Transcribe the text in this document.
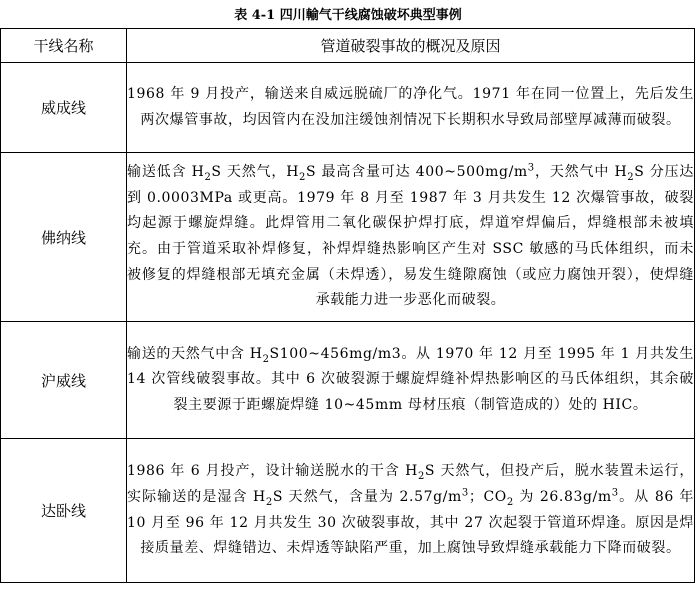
表 4-1 四川輸气干线腐蚀破坏典型事例
干线名称	管道破裂事故的概况及原因
威成线	1968 年 9 月投产，输送来自威远脱硫厂的净化气。1971 年在同一位置上，先后发生两次爆管事故，均因管内在没加注缓蚀剂情况下长期积水导致局部壁厚减薄而破裂。
佛纳线	输送低含 $H_2S$ 天然气，$H_2S$ 最高含量可达 $400\sim 500mg/m^3$，天然气中 $H_2S$ 分压达到 0.0003MPa 或更高。1979 年 8 月至 1987 年 3 月共发生 12 次爆管事故，破裂均起源于螺旋焊缝。此焊管用二氧化碳保护焊打底，焊道窄焊偏后，焊缝根部未被填充。由于管道采取补焊修复，补焊焊缝热影响区产生对 SSC 敏感的马氏体组织，而未被修复的焊缝根部无填充金属（未焊透），易发生缝隙腐蚀（或应力腐蚀开裂），使焊缝承载能力进一步恶化而破裂。
沪威线	输送的天然气中含 $H_2S100\sim 456mg/m3$。从 1970 年 12 月至 1995 年 1 月共发生 14 次管线破裂事故。其中 6 次破裂源于螺旋焊缝补焊热影响区的马氏体组织，其余破裂主要源于距螺旋焊缝 10~45mm 母材压痕（制管造成的）处的 HIC。
达卧线	1986 年 6 月投产，设计输送脱水的干含 $H_2S$ 天然气，但投产后，脱水装置未运行，实际输送的是湿含 $H_2S$ 天然气，含量为 $2.57g/m^3$；$CO_2$ 为 $26.83g/m^3$。从 86 年 10 月至 96 年 12 月共发生 30 次破裂事故，其中 27 次起裂于管道环焊逢。原因是焊接质量差、焊缝错边、未焊透等缺陷严重，加上腐蚀导致焊缝承载能力下降而破裂。
